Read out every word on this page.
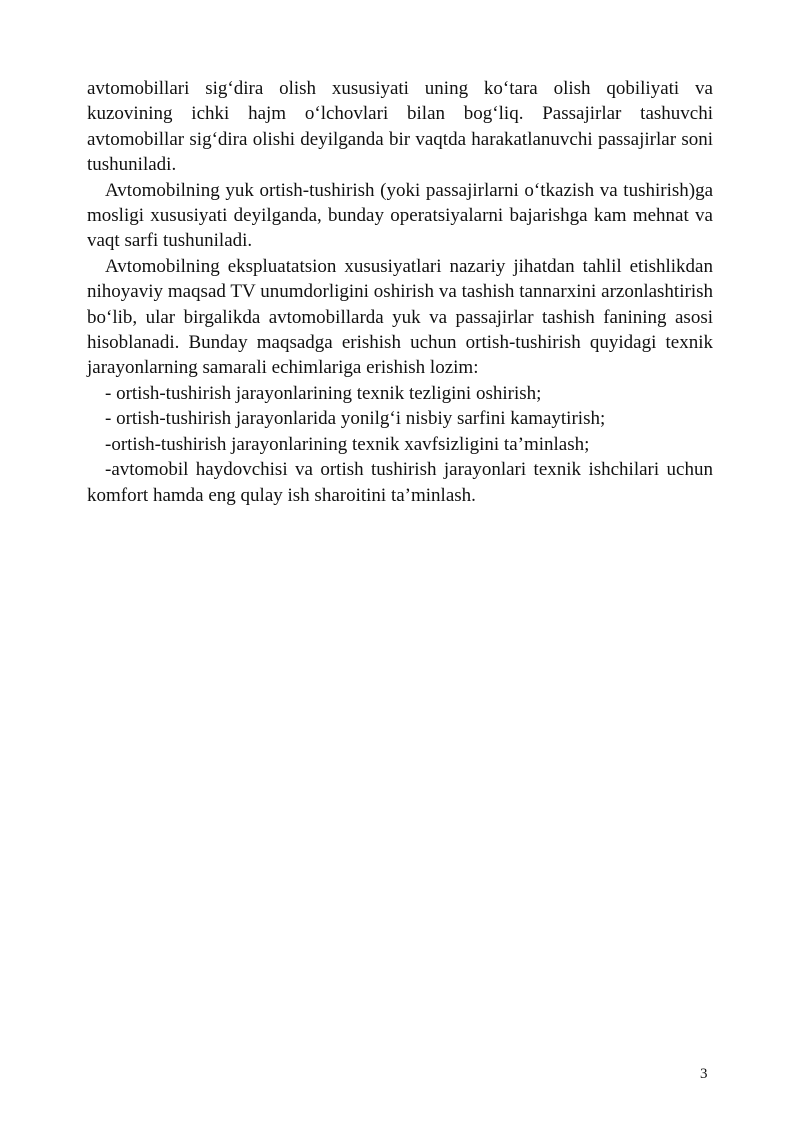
avtomobillari sig‘dira olish xususiyati uning ko‘tara olish qobiliyati va kuzovining ichki hajm o‘lchovlari bilan bog‘liq. Passajirlar tashuvchi avtomobillar sig‘dira olishi deyilganda bir vaqtda harakatlanuvchi passajirlar soni tushuniladi.

Avtomobilning yuk ortish-tushirish (yoki passajirlarni o‘tkazish va tushirish)ga mosligi xususiyati deyilganda, bunday operatsiyalarni bajarishga kam mehnat va vaqt sarfi tushuniladi.

Avtomobilning ekspluatatsion xususiyatlari nazariy jihatdan tahlil etishlikdan nihoyaviy maqsad TV unumdorligini oshirish va tashish tannarxini arzonlashtirish bo‘lib, ular birgalikda avtomobillarda yuk va passajirlar tashish fanining asosi hisoblanadi. Bunday maqsadga erishish uchun ortish-tushirish quyidagi texnik jarayonlarning samarali echimlariga erishish lozim:

- ortish-tushirish jarayonlarining texnik tezligini oshirish;

- ortish-tushirish jarayonlarida yonilg‘i nisbiy sarfini kamaytirish;

-ortish-tushirish jarayonlarining texnik xavfsizligini ta’minlash;

-avtomobil haydovchisi va ortish tushirish jarayonlari texnik ishchilari uchun komfort hamda eng qulay ish sharoitini ta’minlash.

3
